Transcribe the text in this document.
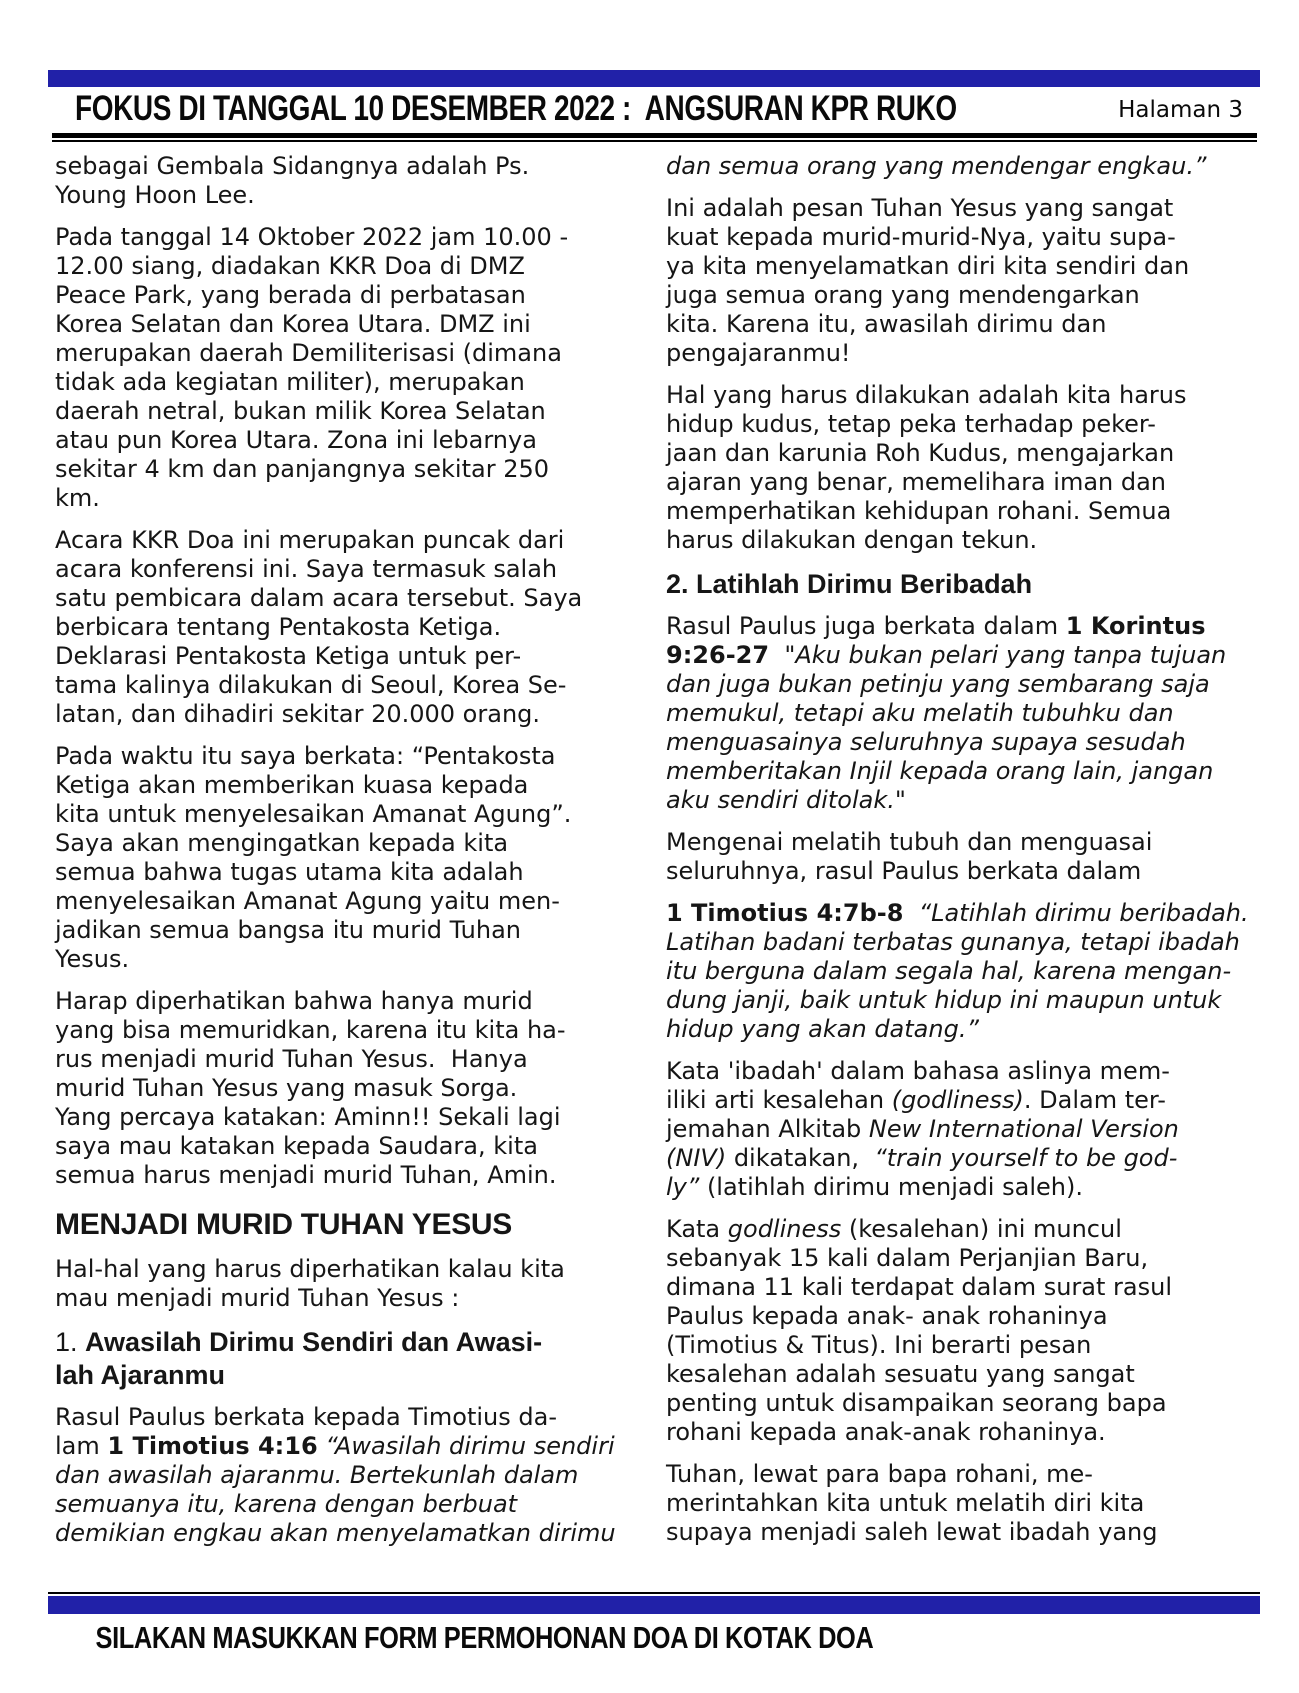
FOKUS DI TANGGAL 10 DESEMBER 2022 :  ANGSURAN KPR RUKO	Halaman 3
sebagai Gembala Sidangnya adalah Ps.
Young Hoon Lee.
Pada tanggal 14 Oktober 2022 jam 10.00 -
12.00 siang, diadakan KKR Doa di DMZ
Peace Park, yang berada di perbatasan
Korea Selatan dan Korea Utara. DMZ ini
merupakan daerah Demiliterisasi (dimana
tidak ada kegiatan militer), merupakan
daerah netral, bukan milik Korea Selatan
atau pun Korea Utara. Zona ini lebarnya
sekitar 4 km dan panjangnya sekitar 250
km.
Acara KKR Doa ini merupakan puncak dari
acara konferensi ini. Saya termasuk salah
satu pembicara dalam acara tersebut. Saya
berbicara tentang Pentakosta Ketiga.
Deklarasi Pentakosta Ketiga untuk per-
tama kalinya dilakukan di Seoul, Korea Se-
latan, dan dihadiri sekitar 20.000 orang.
Pada waktu itu saya berkata: “Pentakosta
Ketiga akan memberikan kuasa kepada
kita untuk menyelesaikan Amanat Agung”.
Saya akan mengingatkan kepada kita
semua bahwa tugas utama kita adalah
menyelesaikan Amanat Agung yaitu men-
jadikan semua bangsa itu murid Tuhan
Yesus.
Harap diperhatikan bahwa hanya murid
yang bisa memuridkan, karena itu kita ha-
rus menjadi murid Tuhan Yesus.  Hanya
murid Tuhan Yesus yang masuk Sorga.
Yang percaya katakan: Aminn!! Sekali lagi
saya mau katakan kepada Saudara, kita
semua harus menjadi murid Tuhan, Amin.
MENJADI MURID TUHAN YESUS
Hal-hal yang harus diperhatikan kalau kita
mau menjadi murid Tuhan Yesus :
1. Awasilah Dirimu Sendiri dan Awasi-
lah Ajaranmu
Rasul Paulus berkata kepada Timotius da-
lam 1 Timotius 4:16 “Awasilah dirimu sendiri
dan awasilah ajaranmu. Bertekunlah dalam
semuanya itu, karena dengan berbuat
demikian engkau akan menyelamatkan dirimu
dan semua orang yang mendengar engkau.”
Ini adalah pesan Tuhan Yesus yang sangat
kuat kepada murid-murid-Nya, yaitu supa-
ya kita menyelamatkan diri kita sendiri dan
juga semua orang yang mendengarkan
kita. Karena itu, awasilah dirimu dan
pengajaranmu!
Hal yang harus dilakukan adalah kita harus
hidup kudus, tetap peka terhadap peker-
jaan dan karunia Roh Kudus, mengajarkan
ajaran yang benar, memelihara iman dan
memperhatikan kehidupan rohani. Semua
harus dilakukan dengan tekun.
2. Latihlah Dirimu Beribadah
Rasul Paulus juga berkata dalam 1 Korintus
9:26-27 "Aku bukan pelari yang tanpa tujuan
dan juga bukan petinju yang sembarang saja
memukul, tetapi aku melatih tubuhku dan
menguasainya seluruhnya supaya sesudah
memberitakan Injil kepada orang lain, jangan
aku sendiri ditolak."
Mengenai melatih tubuh dan menguasai
seluruhnya, rasul Paulus berkata dalam
1 Timotius 4:7b-8 “Latihlah dirimu beribadah.
Latihan badani terbatas gunanya, tetapi ibadah
itu berguna dalam segala hal, karena mengan-
dung janji, baik untuk hidup ini maupun untuk
hidup yang akan datang.”
Kata 'ibadah' dalam bahasa aslinya mem-
iliki arti kesalehan (godliness). Dalam ter-
jemahan Alkitab New International Version
(NIV) dikatakan,  “train yourself to be god-
ly” (latihlah dirimu menjadi saleh).
Kata godliness (kesalehan) ini muncul
sebanyak 15 kali dalam Perjanjian Baru,
dimana 11 kali terdapat dalam surat rasul
Paulus kepada anak- anak rohaninya
(Timotius & Titus). Ini berarti pesan
kesalehan adalah sesuatu yang sangat
penting untuk disampaikan seorang bapa
rohani kepada anak-anak rohaninya.
Tuhan, lewat para bapa rohani, me-
merintahkan kita untuk melatih diri kita
supaya menjadi saleh lewat ibadah yang
SILAKAN MASUKKAN FORM PERMOHONAN DOA DI KOTAK DOA
